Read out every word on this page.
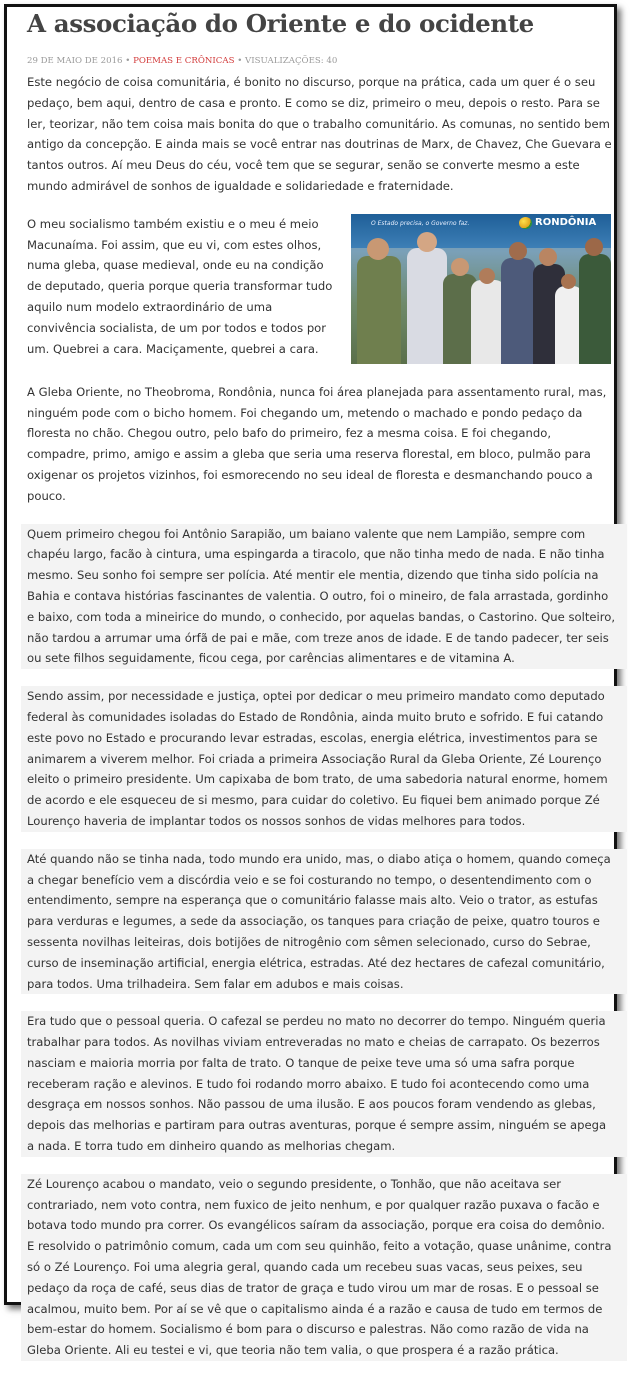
A associação do Oriente e do ocidente

29 DE MAIO DE 2016 • POEMAS E CRÔNICAS • VISUALIZAÇÕES: 40

Este negócio de coisa comunitária, é bonito no discurso, porque na prática, cada um quer é o seu pedaço, bem aqui, dentro de casa e pronto. E como se diz, primeiro o meu, depois o resto. Para se ler, teorizar, não tem coisa mais bonita do que o trabalho comunitário. As comunas, no sentido bem antigo da concepção. E ainda mais se você entrar nas doutrinas de Marx, de Chavez, Che Guevara e tantos outros. Aí meu Deus do céu, você tem que se segurar, senão se converte mesmo a este mundo admirável de sonhos de igualdade e solidariedade e fraternidade.

O meu socialismo também existiu e o meu é meio Macunaíma. Foi assim, que eu vi, com estes olhos, numa gleba, quase medieval, onde eu na condição de deputado, queria porque queria transformar tudo aquilo num modelo extraordinário de uma convivência socialista, de um por todos e todos por um. Quebrei a cara. Maciçamente, quebrei a cara.

O Estado precisa, o Governo faz.	RONDÔNIA

A Gleba Oriente, no Theobroma, Rondônia, nunca foi área planejada para assentamento rural, mas, ninguém pode com o bicho homem. Foi chegando um, metendo o machado e pondo pedaço da floresta no chão. Chegou outro, pelo bafo do primeiro, fez a mesma coisa. E foi chegando, compadre, primo, amigo e assim a gleba que seria uma reserva florestal, em bloco, pulmão para oxigenar os projetos vizinhos, foi esmorecendo no seu ideal de floresta e desmanchando pouco a pouco.

Quem primeiro chegou foi Antônio Sarapião, um baiano valente que nem Lampião, sempre com chapéu largo, facão à cintura, uma espingarda a tiracolo, que não tinha medo de nada. E não tinha mesmo. Seu sonho foi sempre ser polícia. Até mentir ele mentia, dizendo que tinha sido polícia na Bahia e contava histórias fascinantes de valentia. O outro, foi o mineiro, de fala arrastada, gordinho e baixo, com toda a mineirice do mundo, o conhecido, por aquelas bandas, o Castorino. Que solteiro, não tardou a arrumar uma órfã de pai e mãe, com treze anos de idade. E de tando padecer, ter seis ou sete filhos seguidamente, ficou cega, por carências alimentares e de vitamina A.

Sendo assim, por necessidade e justiça, optei por dedicar o meu primeiro mandato como deputado federal às comunidades isoladas do Estado de Rondônia, ainda muito bruto e sofrido. E fui catando este povo no Estado e procurando levar estradas, escolas, energia elétrica, investimentos para se animarem a viverem melhor. Foi criada a primeira Associação Rural da Gleba Oriente, Zé Lourenço eleito o primeiro presidente. Um capixaba de bom trato, de uma sabedoria natural enorme, homem de acordo e ele esqueceu de si mesmo, para cuidar do coletivo. Eu fiquei bem animado porque Zé Lourenço haveria de implantar todos os nossos sonhos de vidas melhores para todos.

Até quando não se tinha nada, todo mundo era unido, mas, o diabo atiça o homem, quando começa a chegar benefício vem a discórdia veio e se foi costurando no tempo, o desentendimento com o entendimento, sempre na esperança que o comunitário falasse mais alto. Veio o trator, as estufas para verduras e legumes, a sede da associação, os tanques para criação de peixe, quatro touros e sessenta novilhas leiteiras, dois botijões de nitrogênio com sêmen selecionado, curso do Sebrae, curso de inseminação artificial, energia elétrica, estradas. Até dez hectares de cafezal comunitário, para todos. Uma trilhadeira. Sem falar em adubos e mais coisas.

Era tudo que o pessoal queria. O cafezal se perdeu no mato no decorrer do tempo. Ninguém queria trabalhar para todos. As novilhas viviam entreveradas no mato e cheias de carrapato. Os bezerros nasciam e maioria morria por falta de trato. O tanque de peixe teve uma só uma safra porque receberam ração e alevinos. E tudo foi rodando morro abaixo. E tudo foi acontecendo como uma desgraça em nossos sonhos. Não passou de uma ilusão. E aos poucos foram vendendo as glebas, depois das melhorias e partiram para outras aventuras, porque é sempre assim, ninguém se apega a nada. E torra tudo em dinheiro quando as melhorias chegam.

Zé Lourenço acabou o mandato, veio o segundo presidente, o Tonhão, que não aceitava ser contrariado, nem voto contra, nem fuxico de jeito nenhum, e por qualquer razão puxava o facão e botava todo mundo pra correr. Os evangélicos saíram da associação, porque era coisa do demônio. E resolvido o patrimônio comum, cada um com seu quinhão, feito a votação, quase unânime, contra só o Zé Lourenço. Foi uma alegria geral, quando cada um recebeu suas vacas, seus peixes, seu pedaço da roça de café, seus dias de trator de graça e tudo virou um mar de rosas. E o pessoal se acalmou, muito bem. Por aí se vê que o capitalismo ainda é a razão e causa de tudo em termos de bem-estar do homem. Socialismo é bom para o discurso e palestras. Não como razão de vida na Gleba Oriente. Ali eu testei e vi, que teoria não tem valia, o que prospera é a razão prática.
